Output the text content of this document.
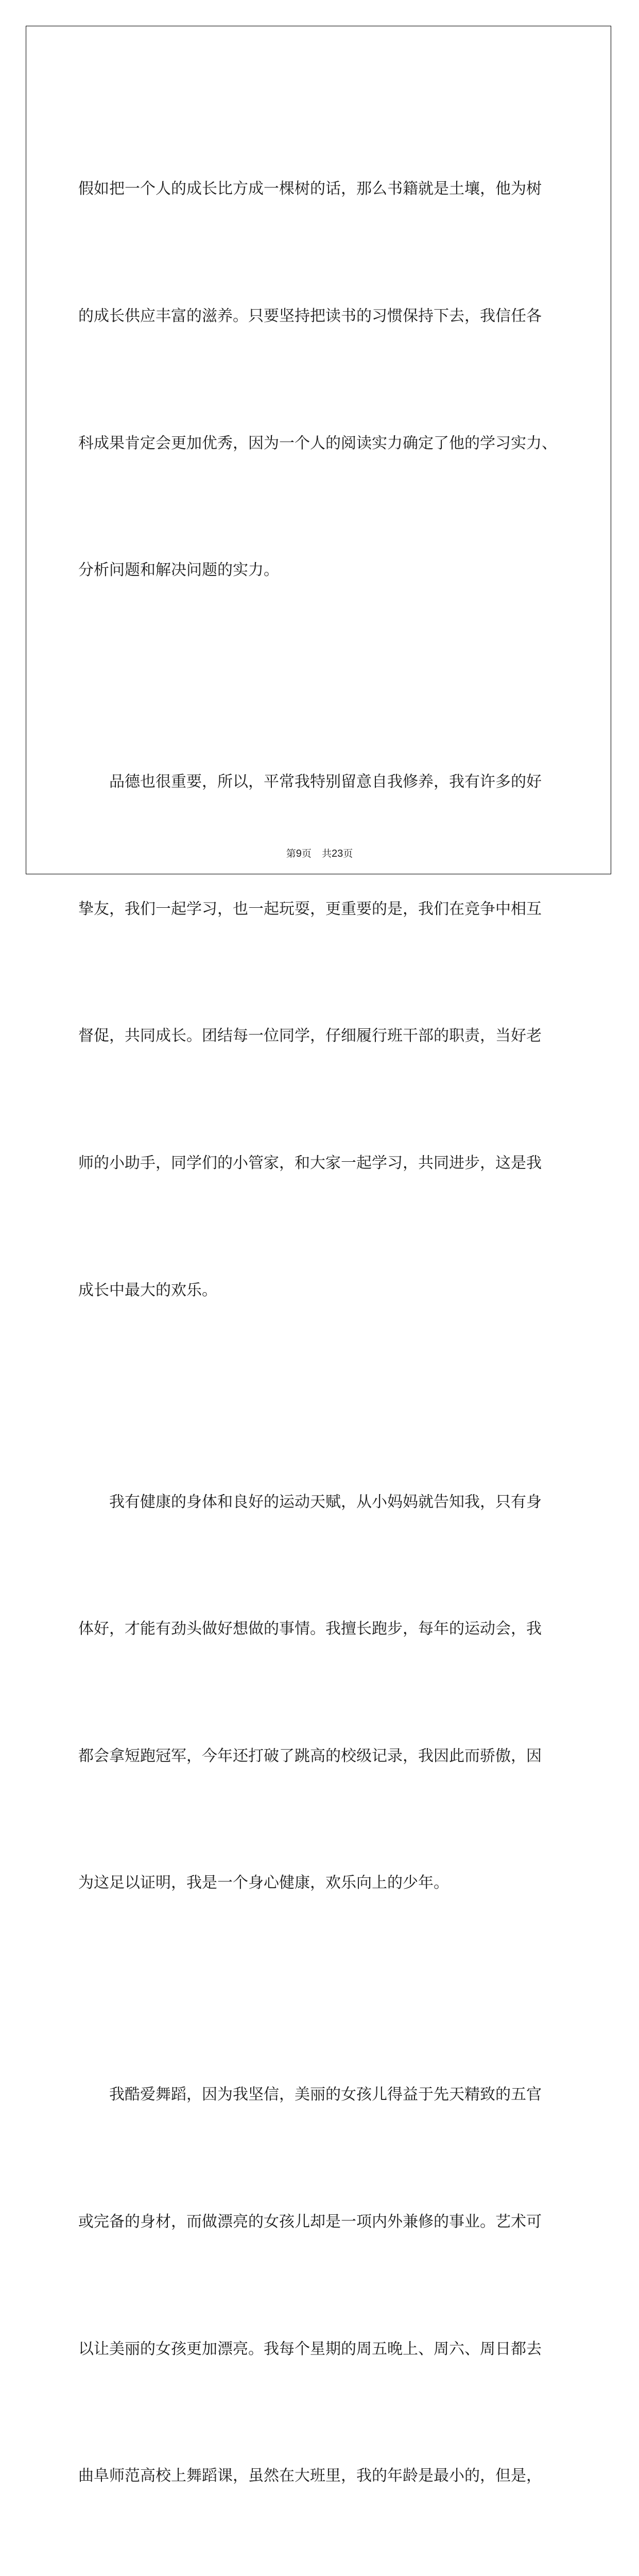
假如把一个人的成长比方成一棵树的话，那么书籍就是土壤，他为树

的成长供应丰富的滋养。只要坚持把读书的习惯保持下去，我信任各

科成果肯定会更加优秀，因为一个人的阅读实力确定了他的学习实力、

分析问题和解决问题的实力。

　　品德也很重要，所以，平常我特别留意自我修养，我有许多的好

挚友，我们一起学习，也一起玩耍，更重要的是，我们在竞争中相互

督促，共同成长。团结每一位同学，仔细履行班干部的职责，当好老

师的小助手，同学们的小管家，和大家一起学习，共同进步，这是我

成长中最大的欢乐。

　　我有健康的身体和良好的运动天赋，从小妈妈就告知我，只有身

体好，才能有劲头做好想做的事情。我擅长跑步，每年的运动会，我

都会拿短跑冠军，今年还打破了跳高的校级记录，我因此而骄傲，因

为这足以证明，我是一个身心健康，欢乐向上的少年。

　　我酷爱舞蹈，因为我坚信，美丽的女孩儿得益于先天精致的五官

或完备的身材，而做漂亮的女孩儿却是一项内外兼修的事业。艺术可

以让美丽的女孩更加漂亮。我每个星期的周五晚上、周六、周日都去

曲阜师范高校上舞蹈课，虽然在大班里，我的年龄是最小的，但是，

第9页 共23页
